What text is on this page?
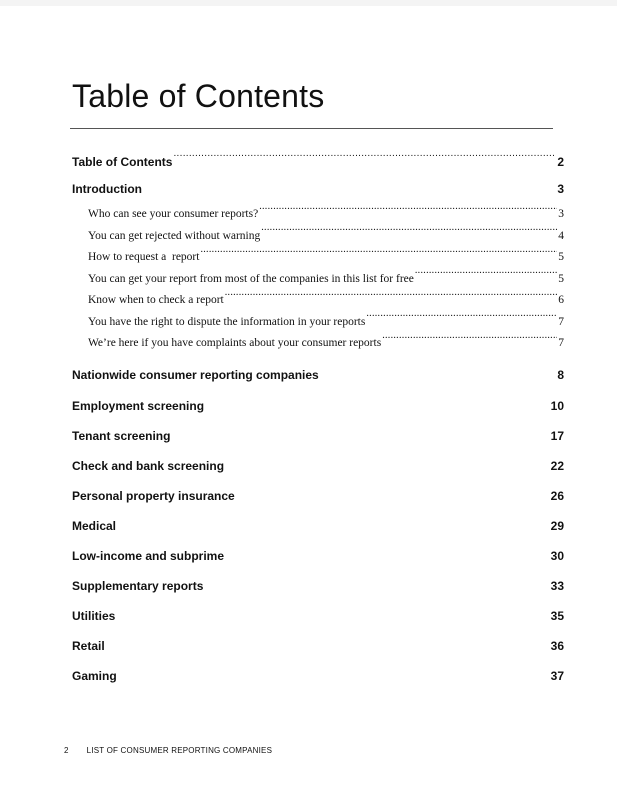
Table of Contents
Table of Contents .....	2
Introduction .....	3
Who can see your consumer reports? .....	3
You can get rejected without warning .....	4
How to request a  report .....	5
You can get your report from most of the companies in this list for free .....	5
Know when to check a report .....	6
You have the right to dispute the information in your reports .....	7
We’re here if you have complaints about your consumer reports .....	7
Nationwide consumer reporting companies .....	8
Employment screening .....	10
Tenant screening .....	17
Check and bank screening .....	22
Personal property insurance .....	26
Medical .....	29
Low-income and subprime .....	30
Supplementary reports .....	33
Utilities .....	35
Retail .....	36
Gaming .....	37
2 LIST OF CONSUMER REPORTING COMPANIES
